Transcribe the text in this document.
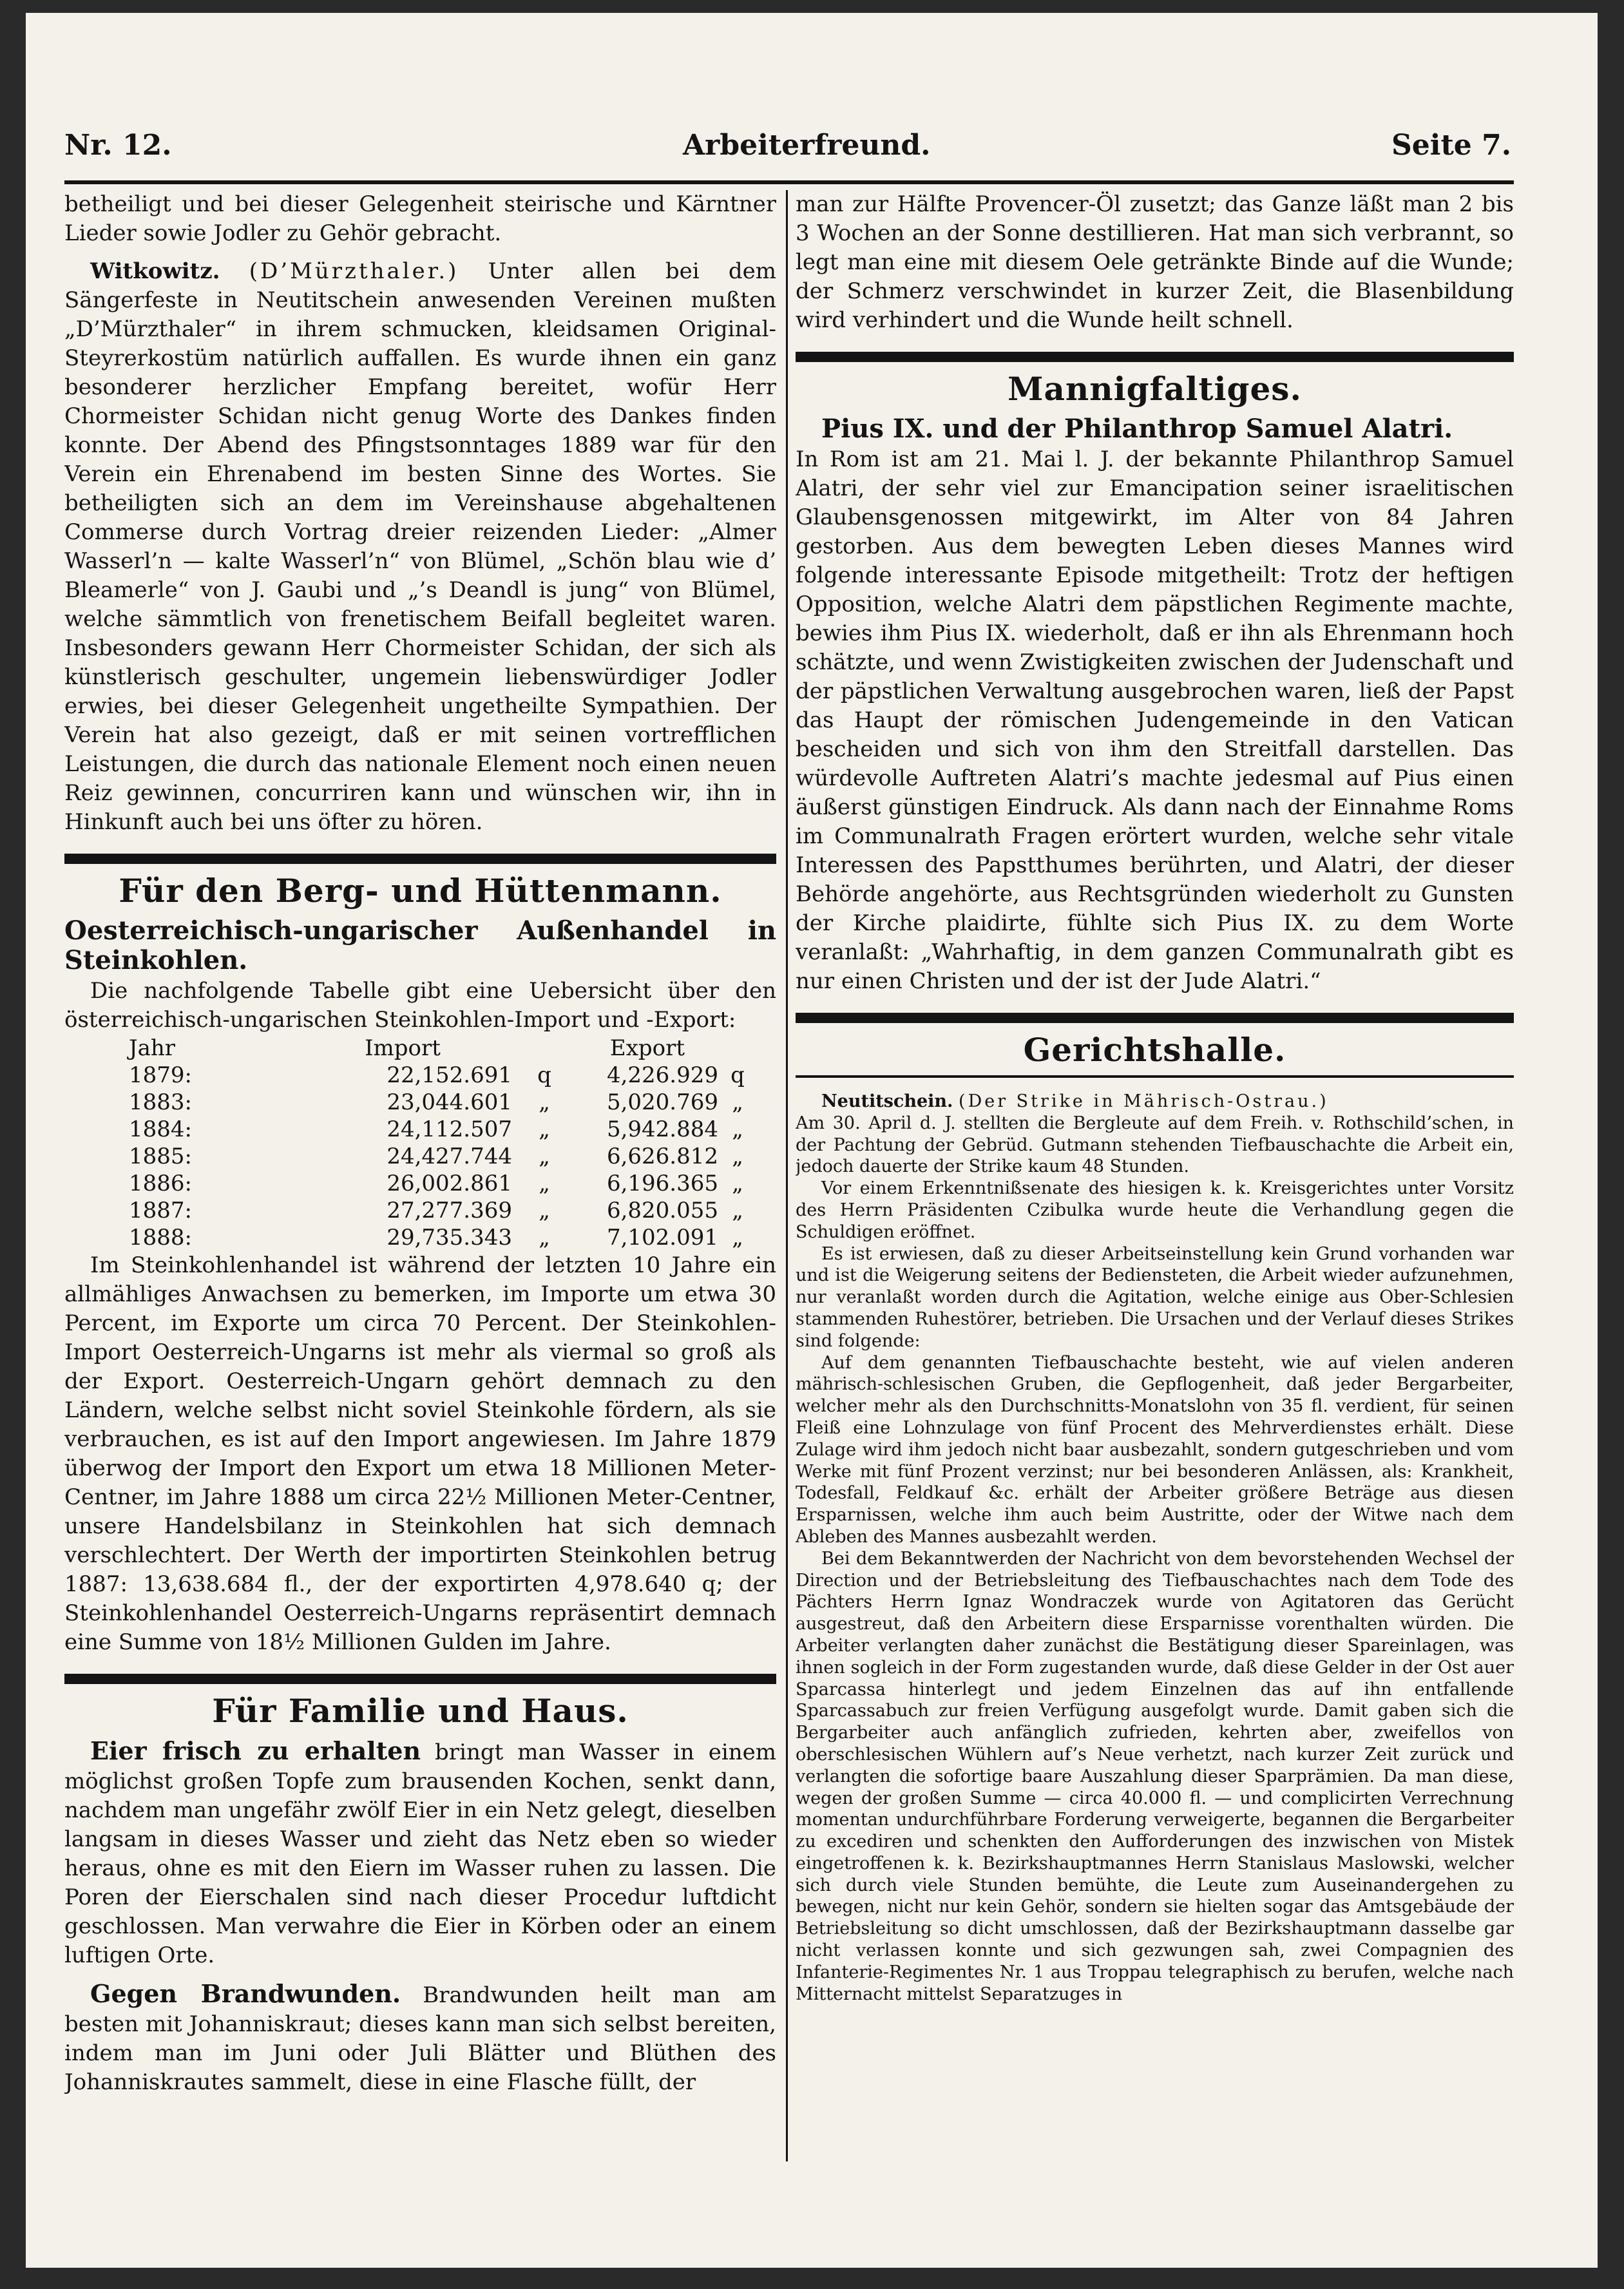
Nr. 12.	Arbeiterfreund.	Seite 7.

betheiligt und bei dieser Gelegenheit steirische und Kärntner Lieder sowie Jodler zu Gehör gebracht.

Witkowitz. (D’Mürzthaler.) Unter allen bei dem Sängerfeste in Neutitschein anwesenden Vereinen mußten „D’Mürzthaler“ in ihrem schmucken, kleidsamen Original-Steyrerkostüm natürlich auffallen. Es wurde ihnen ein ganz besonderer herzlicher Empfang bereitet, wofür Herr Chormeister Schidan nicht genug Worte des Dankes finden konnte. Der Abend des Pfingstsonntages 1889 war für den Verein ein Ehrenabend im besten Sinne des Wortes. Sie betheiligten sich an dem im Vereinshause abgehaltenen Commerse durch Vortrag dreier reizenden Lieder: „Almer Wasserl’n — kalte Wasserl’n“ von Blümel, „Schön blau wie d’ Bleamerle“ von J. Gaubi und „’s Deandl is jung“ von Blümel, welche sämmtlich von frenetischem Beifall begleitet waren. Insbesonders gewann Herr Chormeister Schidan, der sich als künstlerisch geschulter, ungemein liebenswürdiger Jodler erwies, bei dieser Gelegenheit ungetheilte Sympathien. Der Verein hat also gezeigt, daß er mit seinen vortrefflichen Leistungen, die durch das nationale Element noch einen neuen Reiz gewinnen, concurriren kann und wünschen wir, ihn in Hinkunft auch bei uns öfter zu hören.

Für den Berg- und Hüttenmann.
Oesterreichisch-ungarischer Außenhandel in Steinkohlen.

Die nachfolgende Tabelle gibt eine Uebersicht über den österreichisch-ungarischen Steinkohlen-Import und -Export:

Jahr	Import		Export	
1879:	22,152.691	q	4,226.929	q
1883:	23,044.601	„	5,020.769	„
1884:	24,112.507	„	5,942.884	„
1885:	24,427.744	„	6,626.812	„
1886:	26,002.861	„	6,196.365	„
1887:	27,277.369	„	6,820.055	„
1888:	29,735.343	„	7,102.091	„

Im Steinkohlenhandel ist während der letzten 10 Jahre ein allmähliges Anwachsen zu bemerken, im Importe um etwa 30 Percent, im Exporte um circa 70 Percent. Der Steinkohlen-Import Oesterreich-Ungarns ist mehr als viermal so groß als der Export. Oesterreich-Ungarn gehört demnach zu den Ländern, welche selbst nicht soviel Steinkohle fördern, als sie verbrauchen, es ist auf den Import angewiesen. Im Jahre 1879 überwog der Import den Export um etwa 18 Millionen Meter-Centner, im Jahre 1888 um circa 22½ Millionen Meter-Centner, unsere Handelsbilanz in Steinkohlen hat sich demnach verschlechtert. Der Werth der importirten Steinkohlen betrug 1887: 13,638.684 fl., der der exportirten 4,978.640 q; der Steinkohlenhandel Oesterreich-Ungarns repräsentirt demnach eine Summe von 18½ Millionen Gulden im Jahre.

Für Familie und Haus.

Eier frisch zu erhalten bringt man Wasser in einem möglichst großen Topfe zum brausenden Kochen, senkt dann, nachdem man ungefähr zwölf Eier in ein Netz gelegt, dieselben langsam in dieses Wasser und zieht das Netz eben so wieder heraus, ohne es mit den Eiern im Wasser ruhen zu lassen. Die Poren der Eierschalen sind nach dieser Procedur luftdicht geschlossen. Man verwahre die Eier in Körben oder an einem luftigen Orte.

Gegen Brandwunden. Brandwunden heilt man am besten mit Johanniskraut; dieses kann man sich selbst bereiten, indem man im Juni oder Juli Blätter und Blüthen des Johanniskrautes sammelt, diese in eine Flasche füllt, der

man zur Hälfte Provencer-Öl zusetzt; das Ganze läßt man 2 bis 3 Wochen an der Sonne destillieren. Hat man sich verbrannt, so legt man eine mit diesem Oele getränkte Binde auf die Wunde; der Schmerz verschwindet in kurzer Zeit, die Blasenbildung wird verhindert und die Wunde heilt schnell.

Mannigfaltiges.
Pius IX. und der Philanthrop Samuel Alatri.

In Rom ist am 21. Mai l. J. der bekannte Philanthrop Samuel Alatri, der sehr viel zur Emancipation seiner israelitischen Glaubensgenossen mitgewirkt, im Alter von 84 Jahren gestorben. Aus dem bewegten Leben dieses Mannes wird folgende interessante Episode mitgetheilt: Trotz der heftigen Opposition, welche Alatri dem päpstlichen Regimente machte, bewies ihm Pius IX. wiederholt, daß er ihn als Ehrenmann hoch schätzte, und wenn Zwistigkeiten zwischen der Judenschaft und der päpstlichen Verwaltung ausgebrochen waren, ließ der Papst das Haupt der römischen Judengemeinde in den Vatican bescheiden und sich von ihm den Streitfall darstellen. Das würdevolle Auftreten Alatri’s machte jedesmal auf Pius einen äußerst günstigen Eindruck. Als dann nach der Einnahme Roms im Communalrath Fragen erörtert wurden, welche sehr vitale Interessen des Papstthumes berührten, und Alatri, der dieser Behörde angehörte, aus Rechtsgründen wiederholt zu Gunsten der Kirche plaidirte, fühlte sich Pius IX. zu dem Worte veranlaßt: „Wahrhaftig, in dem ganzen Communalrath gibt es nur einen Christen und der ist der Jude Alatri.“

Gerichtshalle.

Neutitschein. (Der Strike in Mährisch-Ostrau.)

Am 30. April d. J. stellten die Bergleute auf dem Freih. v. Rothschild’schen, in der Pachtung der Gebrüd. Gutmann stehenden Tiefbauschachte die Arbeit ein, jedoch dauerte der Strike kaum 48 Stunden.

Vor einem Erkenntnißsenate des hiesigen k. k. Kreisgerichtes unter Vorsitz des Herrn Präsidenten Czibulka wurde heute die Verhandlung gegen die Schuldigen eröffnet.

Es ist erwiesen, daß zu dieser Arbeitseinstellung kein Grund vorhanden war und ist die Weigerung seitens der Bediensteten, die Arbeit wieder aufzunehmen, nur veranlaßt worden durch die Agitation, welche einige aus Ober-Schlesien stammenden Ruhestörer, betrieben. Die Ursachen und der Verlauf dieses Strikes sind folgende:

Auf dem genannten Tiefbauschachte besteht, wie auf vielen anderen mährisch-schlesischen Gruben, die Gepflogenheit, daß jeder Bergarbeiter, welcher mehr als den Durchschnitts-Monatslohn von 35 fl. verdient, für seinen Fleiß eine Lohnzulage von fünf Procent des Mehrverdienstes erhält. Diese Zulage wird ihm jedoch nicht baar ausbezahlt, sondern gutgeschrieben und vom Werke mit fünf Prozent verzinst; nur bei besonderen Anlässen, als: Krankheit, Todesfall, Feldkauf &c. erhält der Arbeiter größere Beträge aus diesen Ersparnissen, welche ihm auch beim Austritte, oder der Witwe nach dem Ableben des Mannes ausbezahlt werden.

Bei dem Bekanntwerden der Nachricht von dem bevorstehenden Wechsel der Direction und der Betriebsleitung des Tiefbauschachtes nach dem Tode des Pächters Herrn Ignaz Wondraczek wurde von Agitatoren das Gerücht ausgestreut, daß den Arbeitern diese Ersparnisse vorenthalten würden. Die Arbeiter verlangten daher zunächst die Bestätigung dieser Spareinlagen, was ihnen sogleich in der Form zugestanden wurde, daß diese Gelder in der Ost auer Sparcassa hinterlegt und jedem Einzelnen das auf ihn entfallende Sparcassabuch zur freien Verfügung ausgefolgt wurde. Damit gaben sich die Bergarbeiter auch anfänglich zufrieden, kehrten aber, zweifellos von oberschlesischen Wühlern auf’s Neue verhetzt, nach kurzer Zeit zurück und verlangten die sofortige baare Auszahlung dieser Sparprämien. Da man diese, wegen der großen Summe — circa 40.000 fl. — und complicirten Verrechnung momentan undurchführbare Forderung verweigerte, begannen die Bergarbeiter zu excediren und schenkten den Aufforderungen des inzwischen von Mistek eingetroffenen k. k. Bezirkshauptmannes Herrn Stanislaus Maslowski, welcher sich durch viele Stunden bemühte, die Leute zum Auseinandergehen zu bewegen, nicht nur kein Gehör, sondern sie hielten sogar das Amtsgebäude der Betriebsleitung so dicht umschlossen, daß der Bezirkshauptmann dasselbe gar nicht verlassen konnte und sich gezwungen sah, zwei Compagnien des Infanterie-Regimentes Nr. 1 aus Troppau telegraphisch zu berufen, welche nach Mitternacht mittelst Separatzuges in
